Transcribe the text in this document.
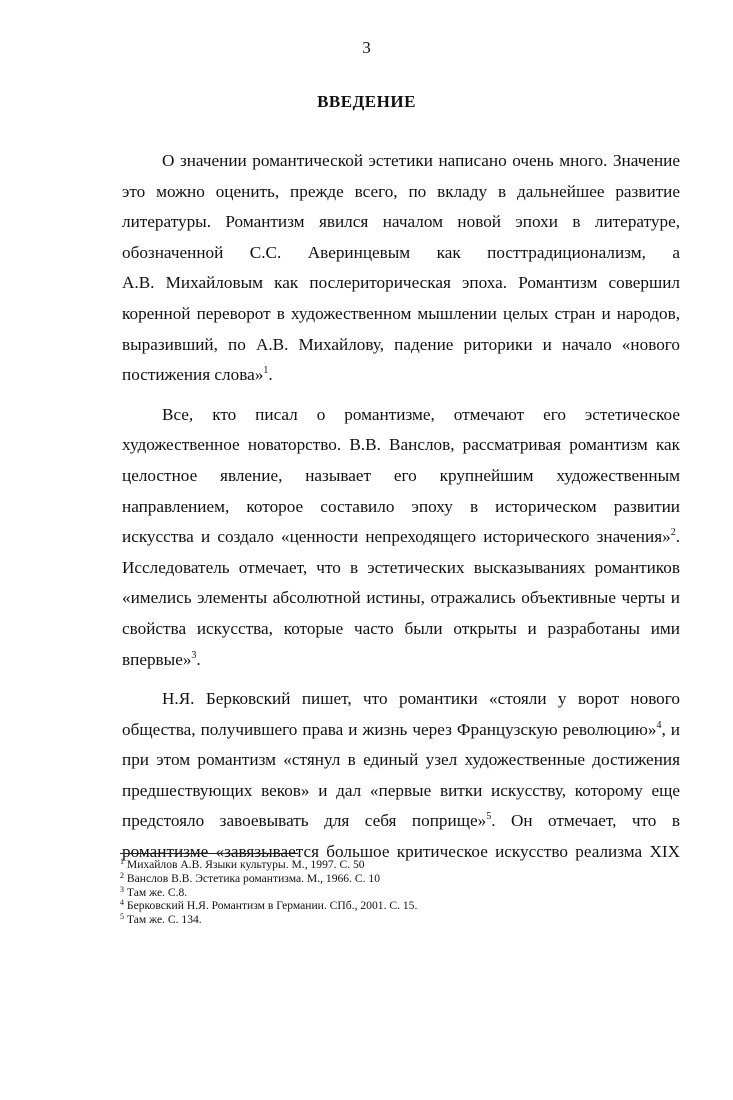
3
ВВЕДЕНИЕ
О значении романтической эстетики написано очень много. Значение
это можно оценить, прежде всего, по вкладу в дальнейшее развитие
литературы. Романтизм явился началом новой эпохи в литературе,
обозначенной С.С. Аверинцевым как посттрадиционализм, а
А.В. Михайловым как послериторическая эпоха. Романтизм совершил
коренной переворот в художественном мышлении целых стран и народов,
выразивший, по А.В. Михайлову, падение риторики и начало «нового
постижения слова»$^1$.
Все, кто писал о романтизме, отмечают его эстетическое
художественное новаторство. В.В. Ванслов, рассматривая романтизм как
целостное явление, называет его крупнейшим художественным
направлением, которое составило эпоху в историческом развитии
искусства и создало «ценности непреходящего исторического значения»$^2$.
Исследователь отмечает, что в эстетических высказываниях романтиков
«имелись элементы абсолютной истины, отражались объективные черты и
свойства искусства, которые часто были открыты и разработаны ими
впервые»$^3$.
Н.Я. Берковский пишет, что романтики «стояли у ворот нового
общества, получившего права и жизнь через Французскую революцию»$^4$, и
при этом романтизм «стянул в единый узел художественные достижения
предшествующих веков» и дал «первые витки искусству, которому еще
предстояло завоевывать для себя поприще»$^5$. Он отмечает, что в
романтизме «завязывается большое критическое искусство реализма XIX
$^1$ Михайлов А.В. Языки культуры. М., 1997. С. 50
$^2$ Ванслов В.В. Эстетика романтизма. М., 1966. С. 10
$^3$ Там же. С.8.
$^4$ Берковский Н.Я. Романтизм в Германии. СПб., 2001. С. 15.
$^5$ Там же. С. 134.
